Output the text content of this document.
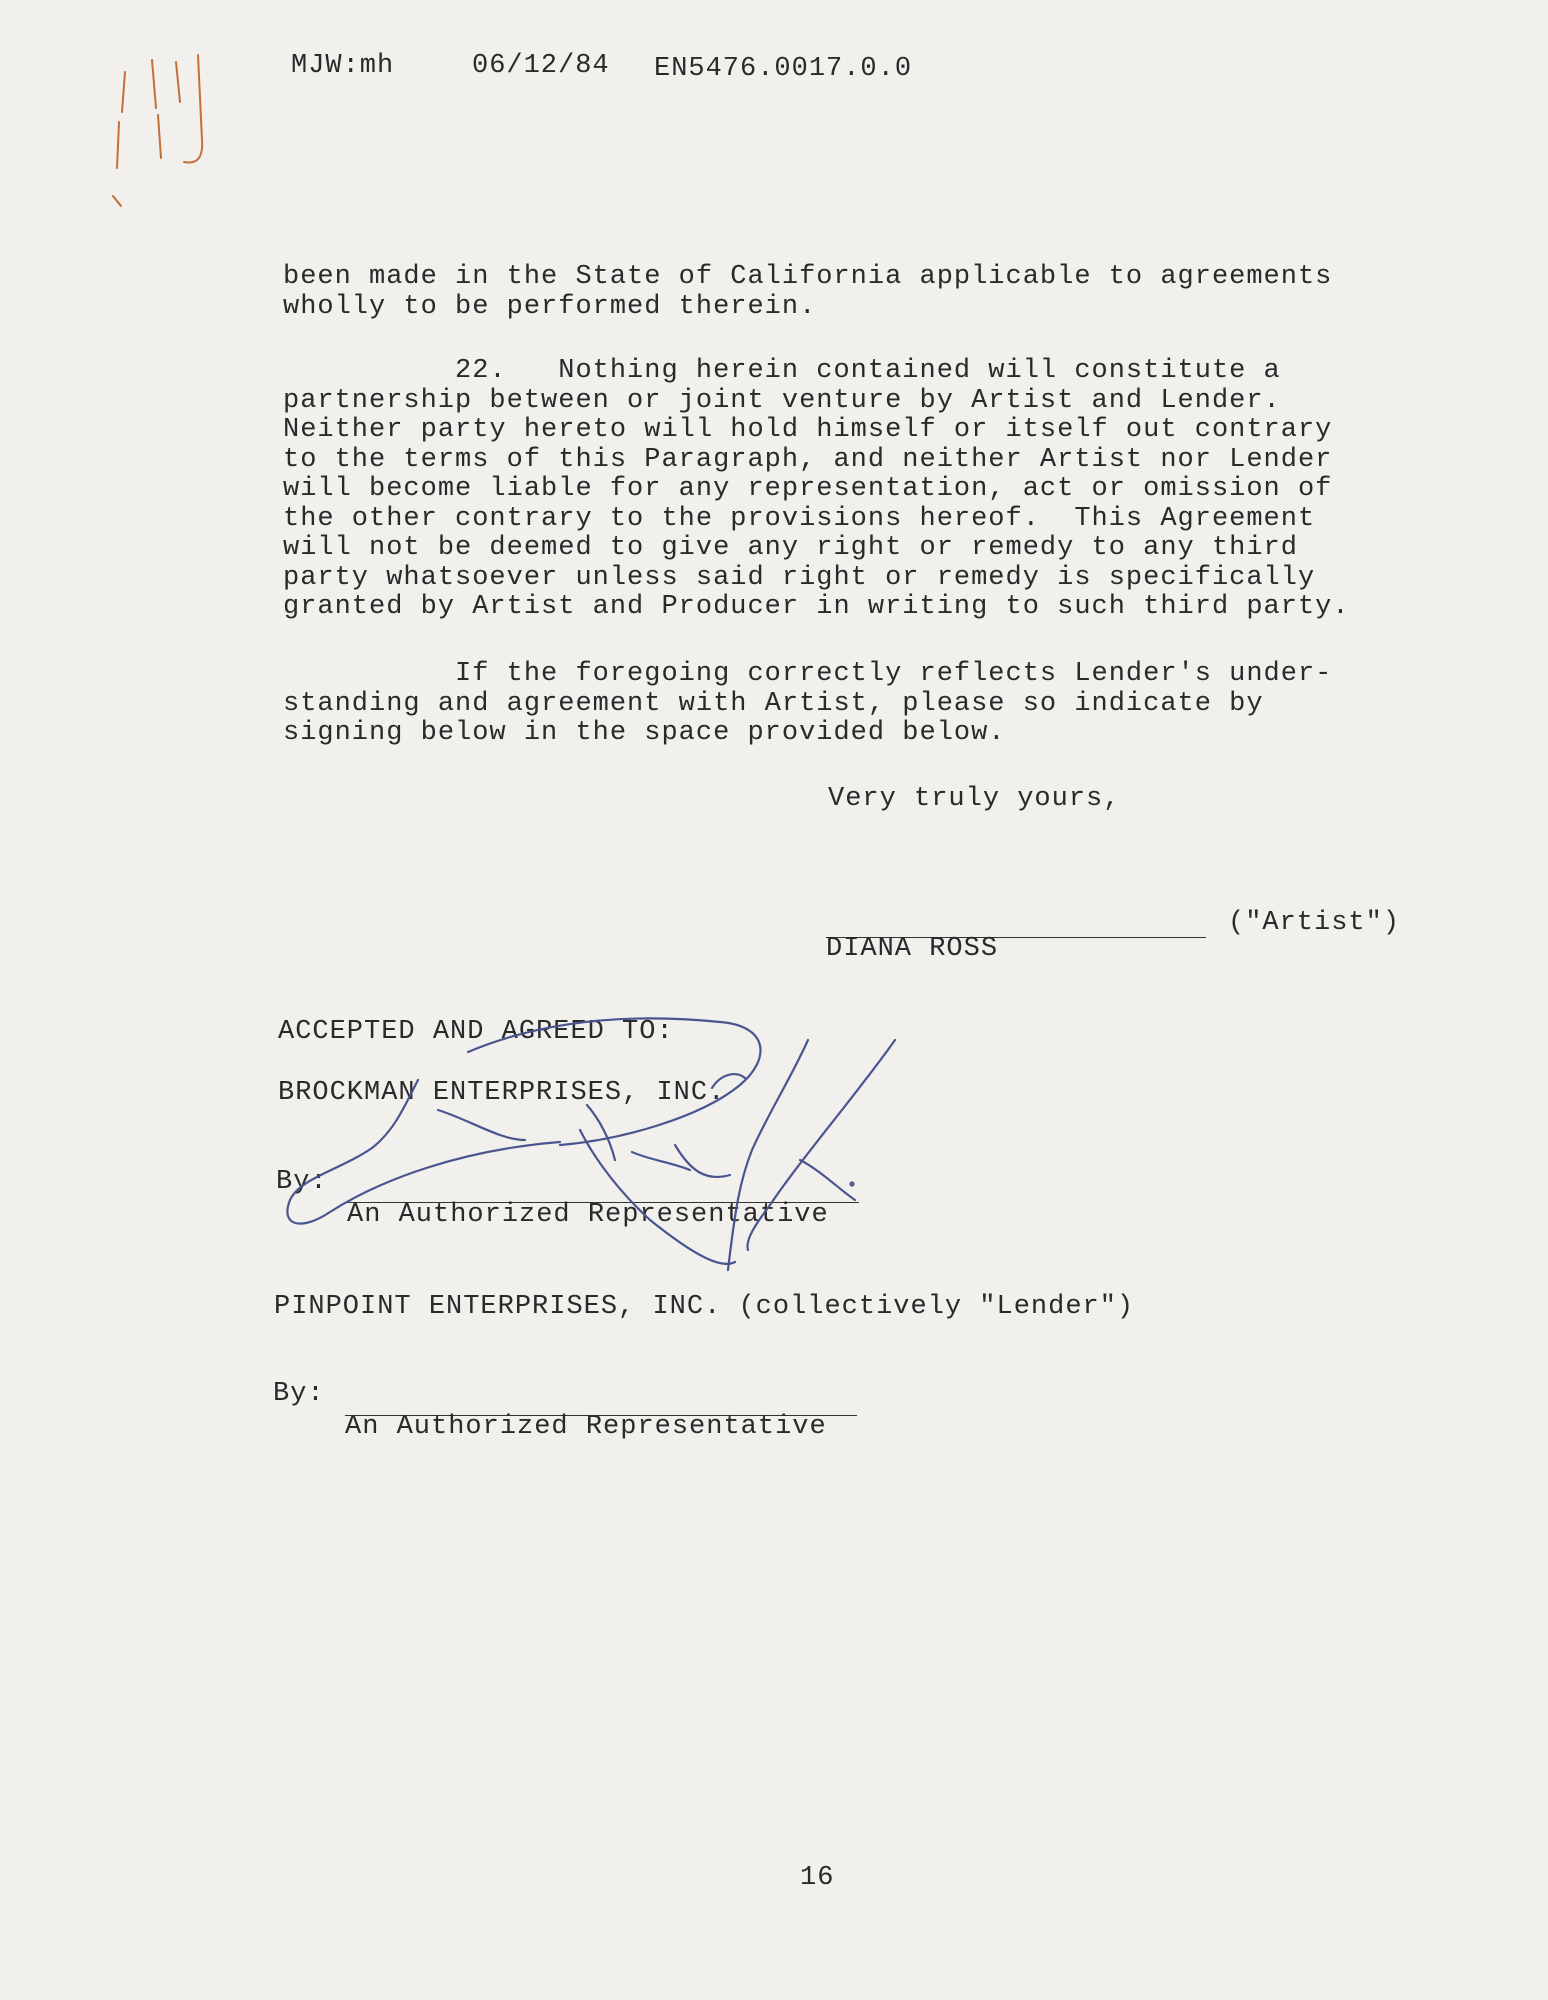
MJW:mh	06/12/84 EN5476.0017.0.0

been made in the State of California applicable to agreements

wholly to be performed therein.

22.   Nothing herein contained will constitute a

partnership between or joint venture by Artist and Lender.

Neither party hereto will hold himself or itself out contrary

to the terms of this Paragraph, and neither Artist nor Lender

will become liable for any representation, act or omission of

the other contrary to the provisions hereof.  This Agreement

will not be deemed to give any right or remedy to any third

party whatsoever unless said right or remedy is specifically

granted by Artist and Producer in writing to such third party.

If the foregoing correctly reflects Lender's under-

standing and agreement with Artist, please so indicate by

signing below in the space provided below.

Very truly yours,
("Artist")
DIANA ROSS
ACCEPTED AND AGREED TO:
BROCKMAN ENTERPRISES, INC.
By:
An Authorized Representative
PINPOINT ENTERPRISES, INC. (collectively "Lender")
By:
An Authorized Representative
16
